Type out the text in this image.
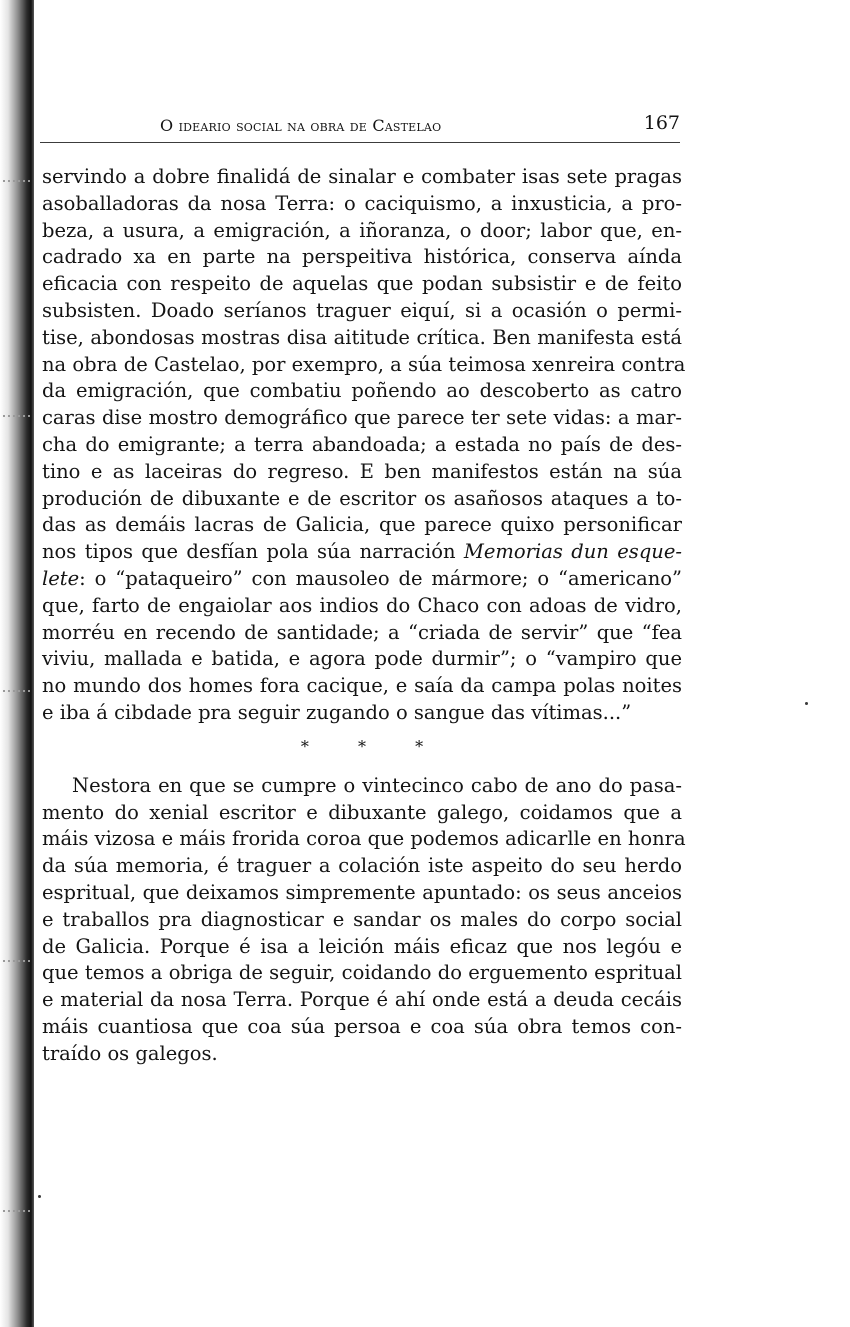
O ideario social na obra de Castelao	167
servindo a dobre finalidá de sinalar e combater isas sete pragas
asoballadoras da nosa Terra: o caciquismo, a inxusticia, a pro-
beza, a usura, a emigración, a iñoranza, o door; labor que, en-
cadrado xa en parte na perspeitiva histórica, conserva aínda
eficacia con respeito de aquelas que podan subsistir e de feito
subsisten. Doado seríanos traguer eiquí, si a ocasión o permi-
tise, abondosas mostras disa aititude crítica. Ben manifesta está
na obra de Castelao, por exempro, a súa teimosa xenreira contra
da emigración, que combatiu poñendo ao descoberto as catro
caras dise mostro demográfico que parece ter sete vidas: a mar-
cha do emigrante; a terra abandoada; a estada no país de des-
tino e as laceiras do regreso. E ben manifestos están na súa
produción de dibuxante e de escritor os asañosos ataques a to-
das as demáis lacras de Galicia, que parece quixo personificar
nos tipos que desfían pola súa narración Memorias dun esque-
lete: o “pataqueiro” con mausoleo de mármore; o “americano”
que, farto de engaiolar aos indios do Chaco con adoas de vidro,
morréu en recendo de santidade; a “criada de servir” que “fea
viviu, mallada e batida, e agora pode durmir”; o “vampiro que
no mundo dos homes fora cacique, e saía da campa polas noites
e iba á cibdade pra seguir zugando o sangue das vítimas...”
* * *
Nestora en que se cumpre o vintecinco cabo de ano do pasa-
mento do xenial escritor e dibuxante galego, coidamos que a
máis vizosa e máis frorida coroa que podemos adicarlle en honra
da súa memoria, é traguer a colación iste aspeito do seu herdo
espritual, que deixamos simpremente apuntado: os seus anceios
e traballos pra diagnosticar e sandar os males do corpo social
de Galicia. Porque é isa a leición máis eficaz que nos legóu e
que temos a obriga de seguir, coidando do erguemento espritual
e material da nosa Terra. Porque é ahí onde está a deuda cecáis
máis cuantiosa que coa súa persoa e coa súa obra temos con-
traído os galegos.
